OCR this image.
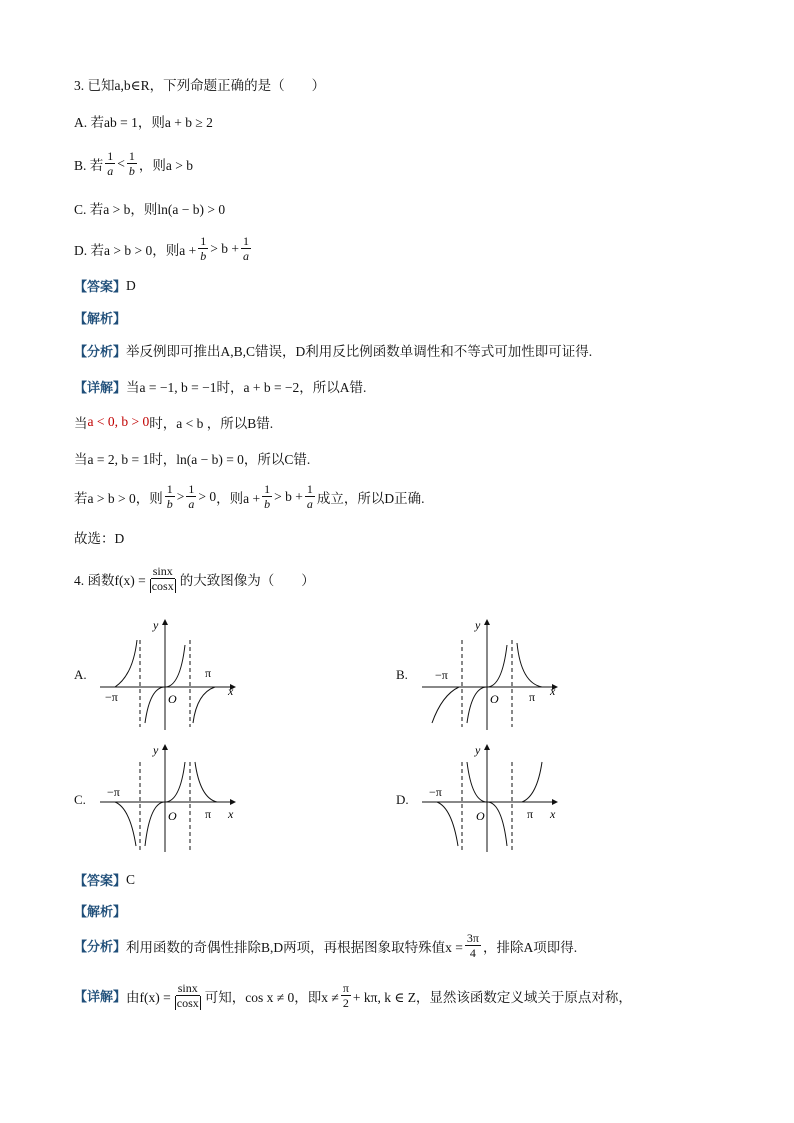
3. 已知a,b∈R，下列命题正确的是（　　）
A. 若ab = 1，则a + b ≥ 2
B. 若 $\frac{1}{a} < \frac{1}{b}$ ，则a > b
C. 若a > b，则ln(a − b) > 0
D. 若a > b > 0，则$a + \frac{1}{b} > b + \frac{1}{a}$
【答案】 D
【解析】
【分析】 举反例即可推出A,B,C错误，D利用反比例函数单调性和不等式可加性即可证得.
【详解】 当a = −1, b = −1时，a + b = −2，所以A错.
当 a < 0, b > 0 时，a < b ，所以B错.
当a = 2, b = 1时，ln(a − b) = 0，所以C错.
若a > b > 0，则 $\frac{1}{b} > \frac{1}{a} > 0$ ，则$a + \frac{1}{b} > b + \frac{1}{a}$ 成立，所以D正确.
故选：D
4. 函数$f(x) = \frac{\sin x}{\cos x}$ 的大致图像为（　　）
A.	B.
C.	D.
x
y
O
π
−π	x
y
O	π
−π
x
y
O π
−π
x
y
O	π
−π
【答案】 C
【解析】
【分析】 利用函数的奇偶性排除B,D两项，再根据图象取特殊值$x = \frac{3\pi}{4}$ ，排除A项即得.
【详解】 由$f(x) = \frac{\sin x}{\cos x}$ 可知，cos x ≠ 0，即$x \ne \frac{\pi}{2} + k\pi$, k ∈ Z，显然该函数定义域关于原点对称，
